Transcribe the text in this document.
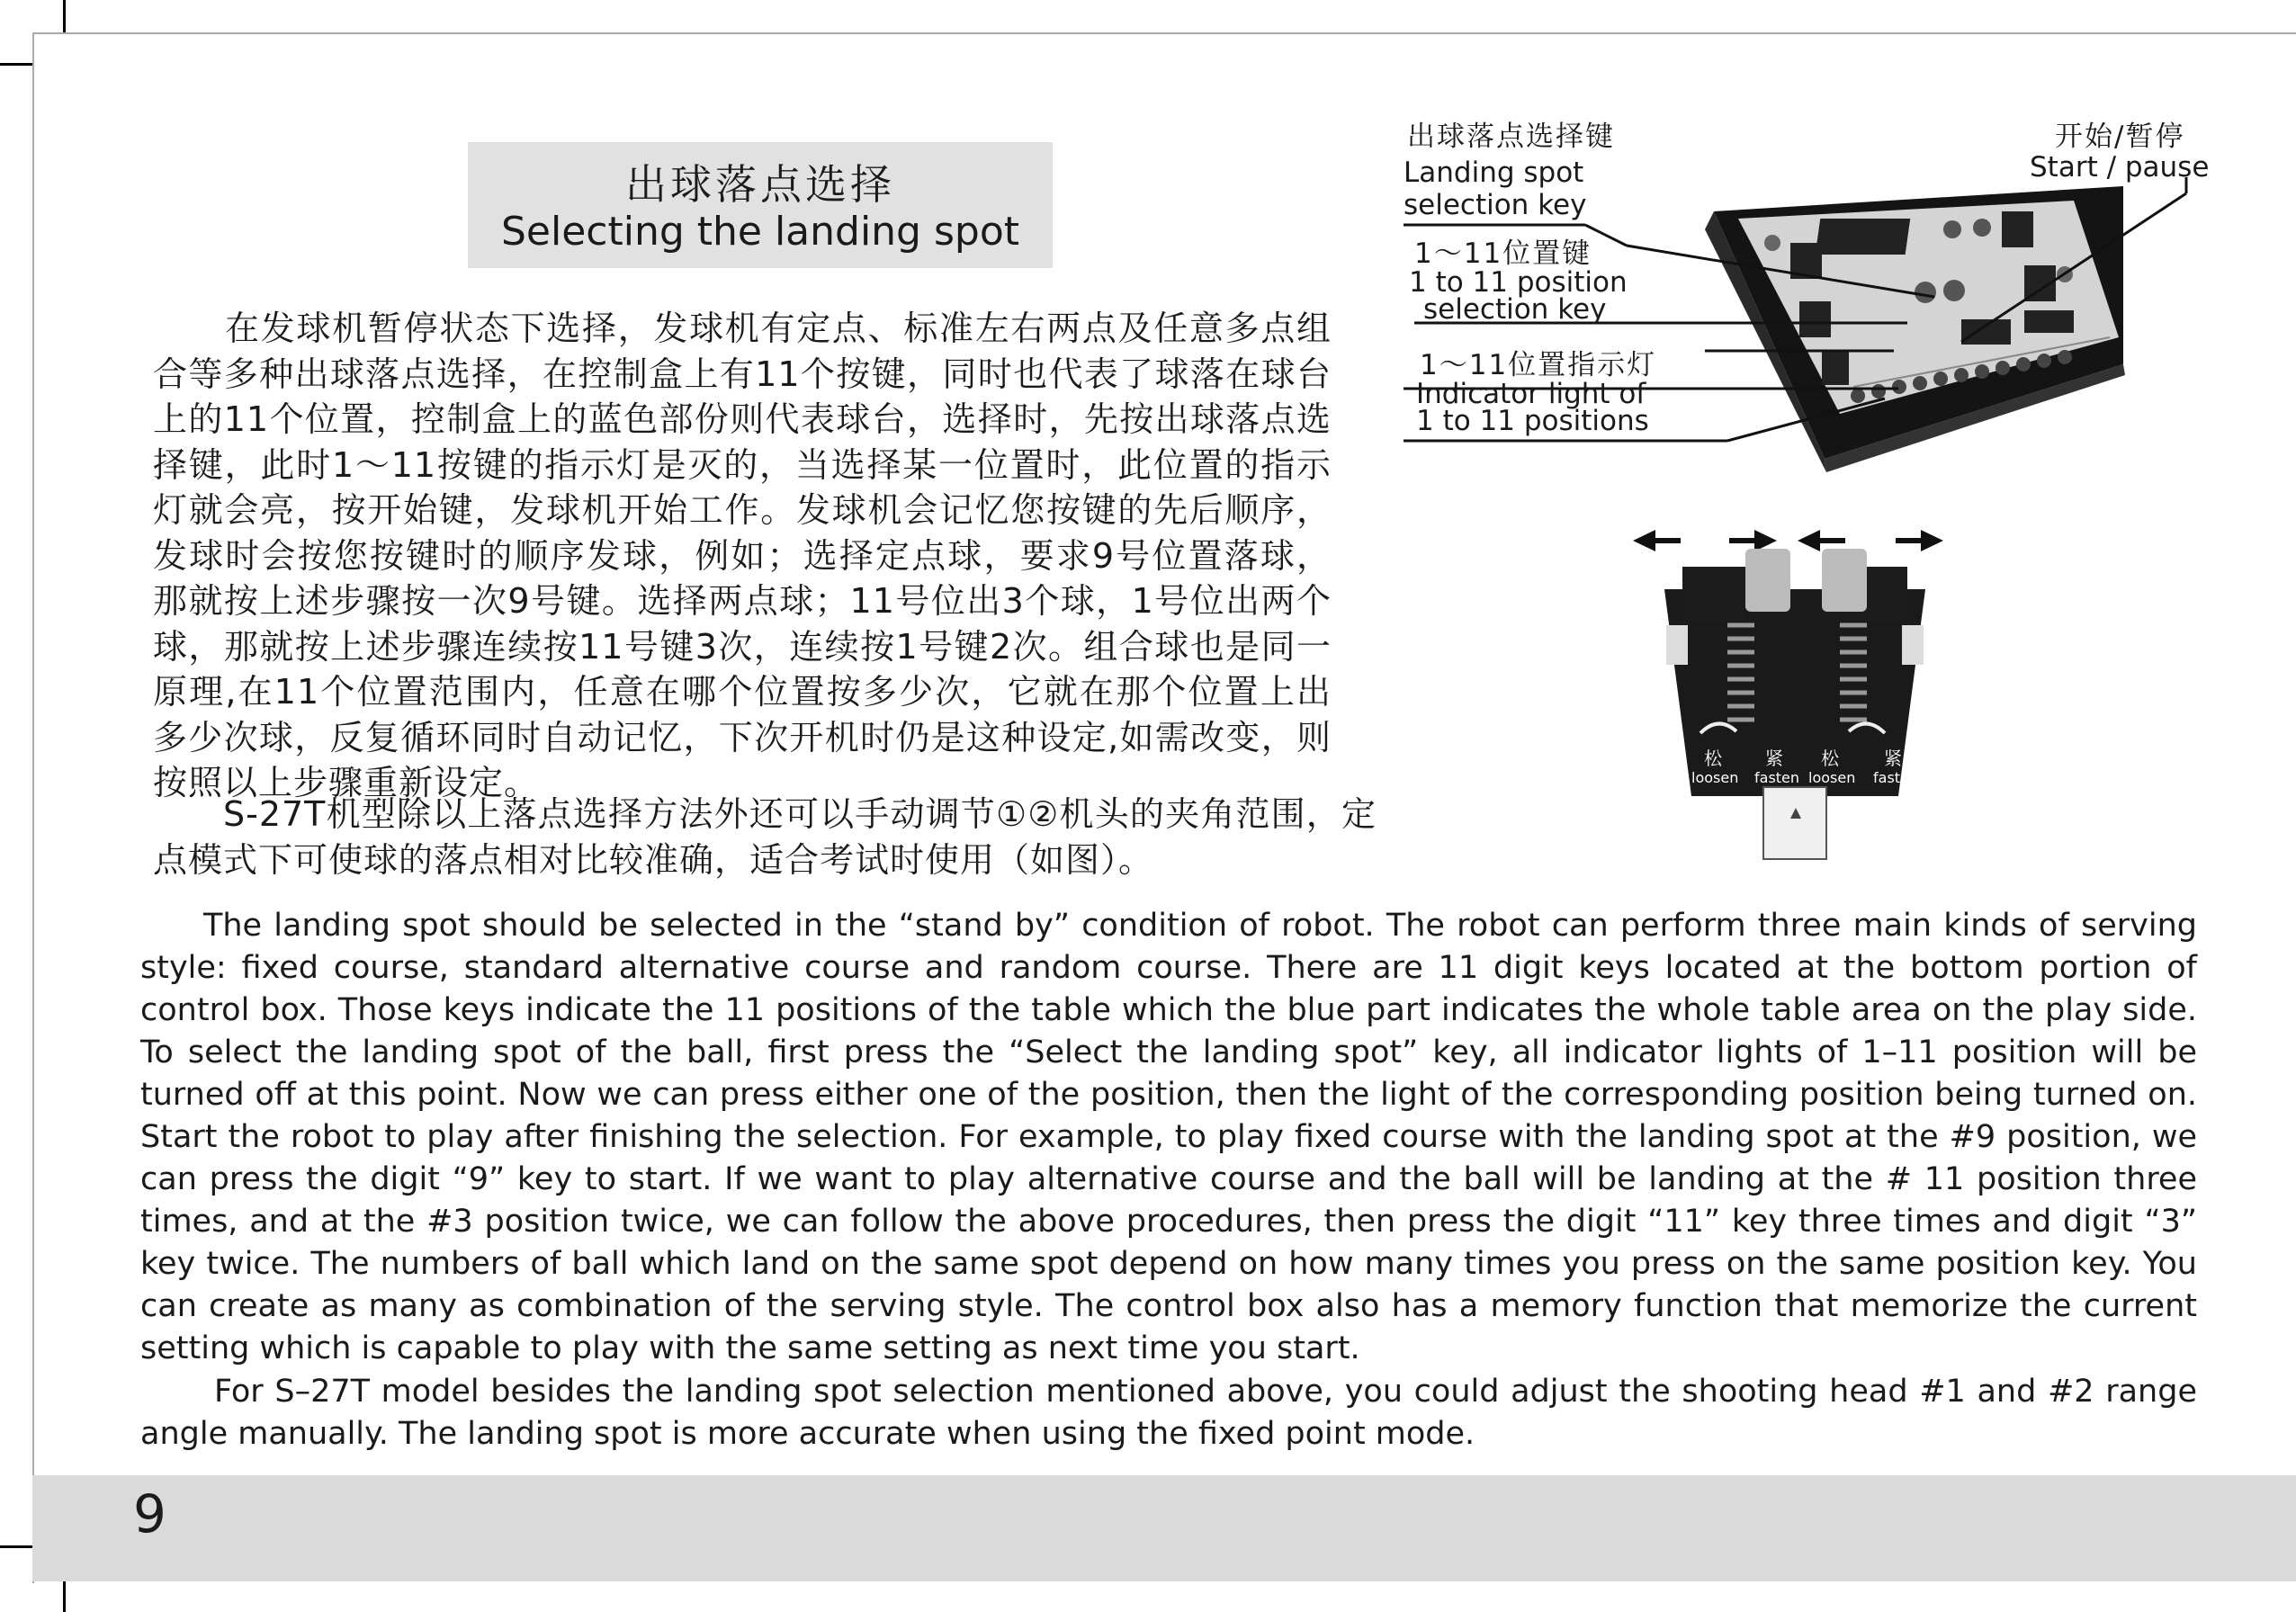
出球落点选择
Selecting the landing spot

在发球机暂停状态下选择，发球机有定点、标准左右两点及任意多点组合等多种出球落点选择，在控制盒上有11个按键，同时也代表了球落在球台上的11个位置，控制盒上的蓝色部份则代表球台，选择时，先按出球落点选择键，此时1～11按键的指示灯是灭的，当选择某一位置时，此位置的指示灯就会亮，按开始键，发球机开始工作。发球机会记忆您按键的先后顺序，发球时会按您按键时的顺序发球，例如；选择定点球，要求9号位置落球，那就按上述步骤按一次9号键。选择两点球；11号位出3个球，1号位出两个球，那就按上述步骤连续按11号键3次，连续按1号键2次。组合球也是同一原理,在11个位置范围内，任意在哪个位置按多少次，它就在那个位置上出多少次球，反复循环同时自动记忆，下次开机时仍是这种设定,如需改变，则按照以上步骤重新设定。

S-27T机型除以上落点选择方法外还可以手动调节①②机头的夹角范围，定点模式下可使球的落点相对比较准确，适合考试时使用（如图）。

出球落点选择键
Landing spot
selection key
1～11位置键
1 to 11 position
selection key
1～11位置指示灯
Indicator light of
1 to 11 positions
开始/暂停
Start / pause
松
loosen
紧
fasten
松
loosen
紧
fasten

The landing spot should be selected in the “stand by” condition of robot. The robot can perform three main kinds of serving style: fixed course, standard alternative course and random course. There are 11 digit keys located at the bottom portion of control box. Those keys indicate the 11 positions of the table which the blue part indicates the whole table area on the play side. To select the landing spot of the ball, first press the “Select the landing spot” key, all indicator lights of 1–11 position will be turned off at this point. Now we can press either one of the position, then the light of the corresponding position being turned on. Start the robot to play after finishing the selection. For example, to play fixed course with the landing spot at the #9 position, we can press the digit “9” key to start. If we want to play alternative course and the ball will be landing at the # 11 position three times, and at the #3 position twice, we can follow the above procedures, then press the digit “11” key three times and digit “3” key twice. The numbers of ball which land on the same spot depend on how many times you press on the same position key. You can create as many as combination of the serving style. The control box also has a memory function that memorize the current setting which is capable to play with the same setting as next time you start.

For S–27T model besides the landing spot selection mentioned above, you could adjust the shooting head #1 and #2 range angle manually. The landing spot is more accurate when using the fixed point mode.

9
